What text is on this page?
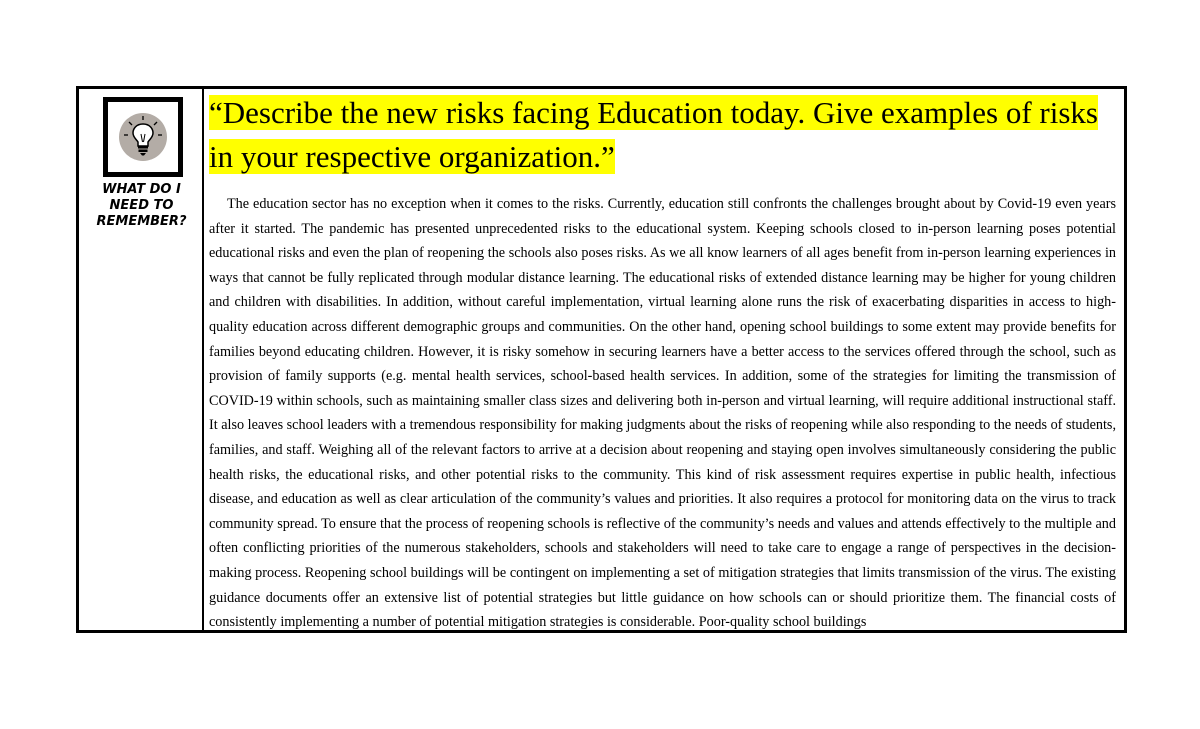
WHAT DO I
NEED TO
REMEMBER?

“Describe the new risks facing Education today. Give examples of risks in your respective organization.”

The education sector has no exception when it comes to the risks. Currently, education still confronts the challenges brought about by Covid-19 even years after it started. The pandemic has presented unprecedented risks to the educational system. Keeping schools closed to in-person learning poses potential educational risks and even the plan of reopening the schools also poses risks. As we all know learners of all ages benefit from in-person learning experiences in ways that cannot be fully replicated through modular distance learning. The educational risks of extended distance learning may be higher for young children and children with disabilities. In addition, without careful implementation, virtual learning alone runs the risk of exacerbating disparities in access to high-quality education across different demographic groups and communities. On the other hand, opening school buildings to some extent may provide benefits for families beyond educating children. However, it is risky somehow in securing learners have a better access to the services offered through the school, such as provision of family supports (e.g. mental health services, school-based health services. In addition, some of the strategies for limiting the transmission of COVID-19 within schools, such as maintaining smaller class sizes and delivering both in-person and virtual learning, will require additional instructional staff. It also leaves school leaders with a tremendous responsibility for making judgments about the risks of reopening while also responding to the needs of students, families, and staff. Weighing all of the relevant factors to arrive at a decision about reopening and staying open involves simultaneously considering the public health risks, the educational risks, and other potential risks to the community. This kind of risk assessment requires expertise in public health, infectious disease, and education as well as clear articulation of the community’s values and priorities. It also requires a protocol for monitoring data on the virus to track community spread. To ensure that the process of reopening schools is reflective of the community’s needs and values and attends effectively to the multiple and often conflicting priorities of the numerous stakeholders, schools and stakeholders will need to take care to engage a range of perspectives in the decision-making process. Reopening school buildings will be contingent on implementing a set of mitigation strategies that limits transmission of the virus. The existing guidance documents offer an extensive list of potential strategies but little guidance on how schools can or should prioritize them. The financial costs of consistently implementing a number of potential mitigation strategies is considerable. Poor-quality school buildings
